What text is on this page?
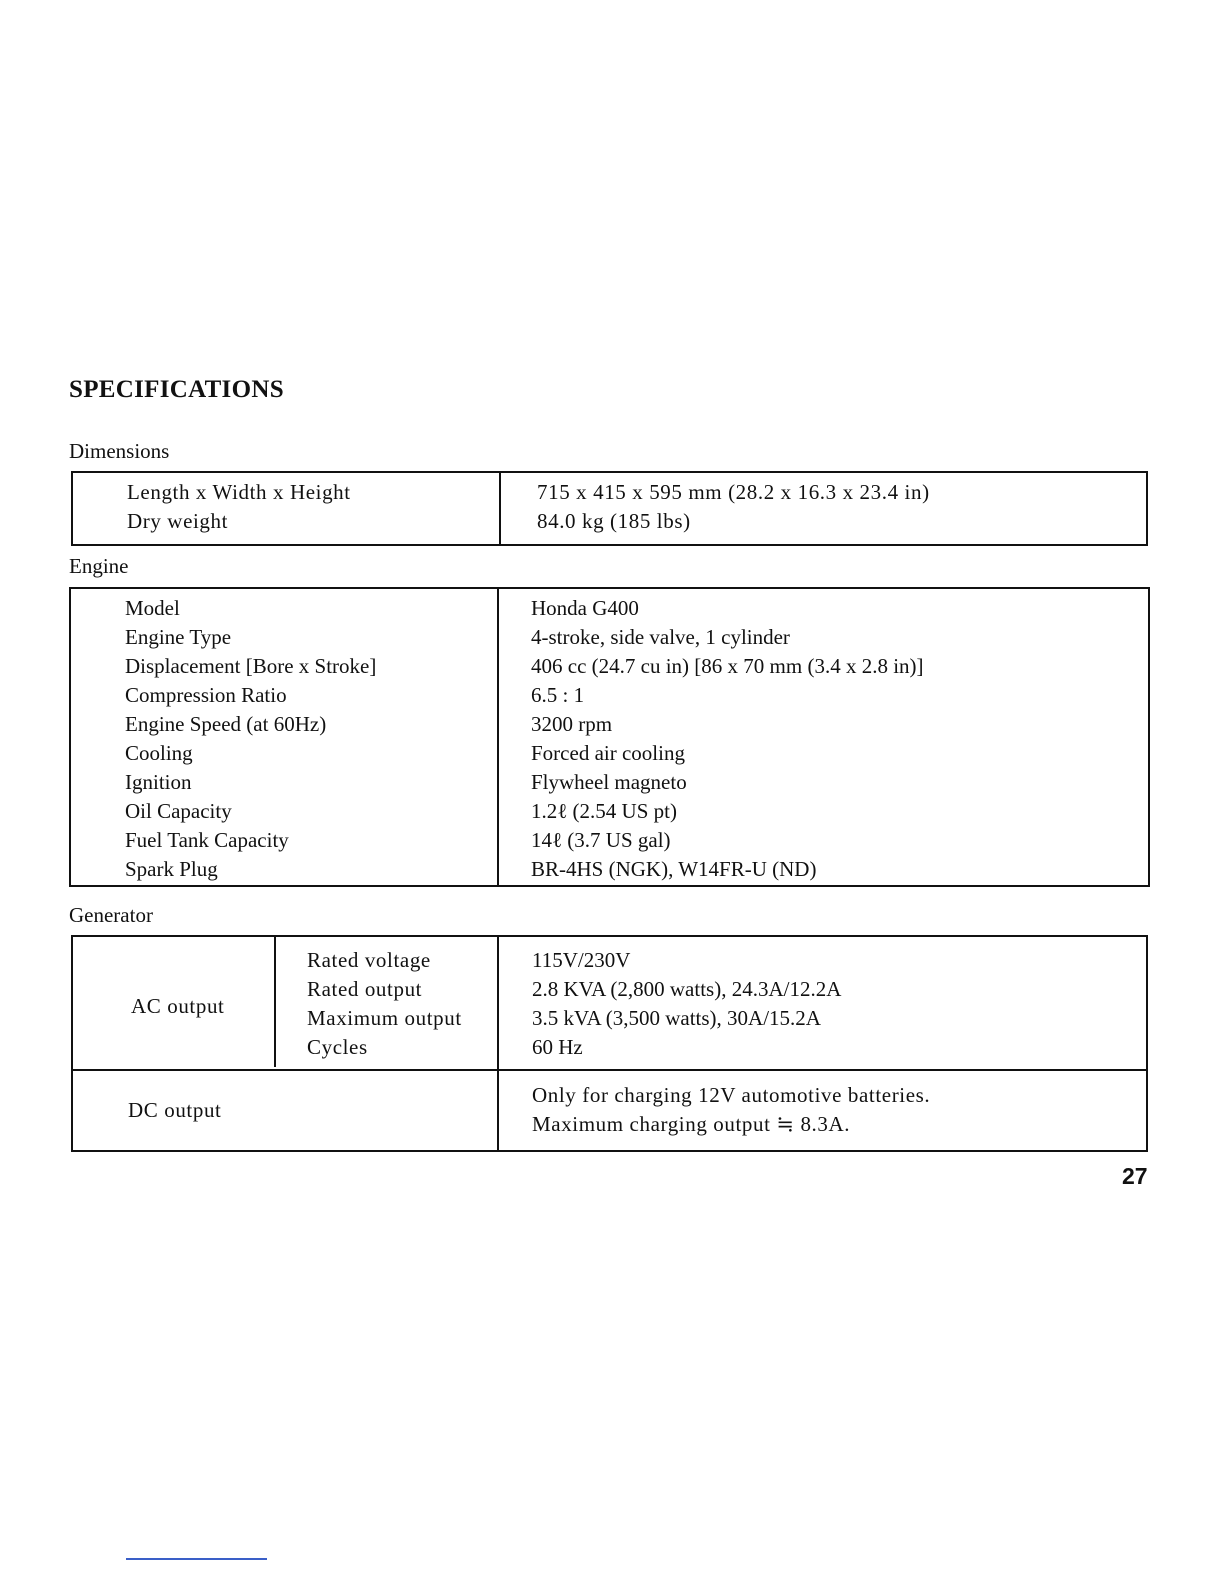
SPECIFICATIONS
Dimensions
Length x Width x Height
Dry weight
715 x 415 x 595 mm (28.2 x 16.3 x 23.4 in)
84.0 kg (185 lbs)
Engine
Model
Engine Type
Displacement [Bore x Stroke]
Compression Ratio
Engine Speed (at 60Hz)
Cooling
Ignition
Oil Capacity
Fuel Tank Capacity
Spark Plug
Honda G400
4-stroke, side valve, 1 cylinder
406 cc (24.7 cu in) [86 x 70 mm (3.4 x 2.8 in)]
6.5 : 1
3200 rpm
Forced air cooling
Flywheel magneto
1.2ℓ (2.54 US pt)
14ℓ (3.7 US gal)
BR-4HS (NGK), W14FR-U (ND)
Generator
AC output
Rated voltage
Rated output
Maximum output
Cycles
115V/230V
2.8 KVA (2,800 watts), 24.3A/12.2A
3.5 kVA (3,500 watts), 30A/15.2A
60 Hz
DC output
Only for charging 12V automotive batteries.
Maximum charging output ≒ 8.3A.
27
